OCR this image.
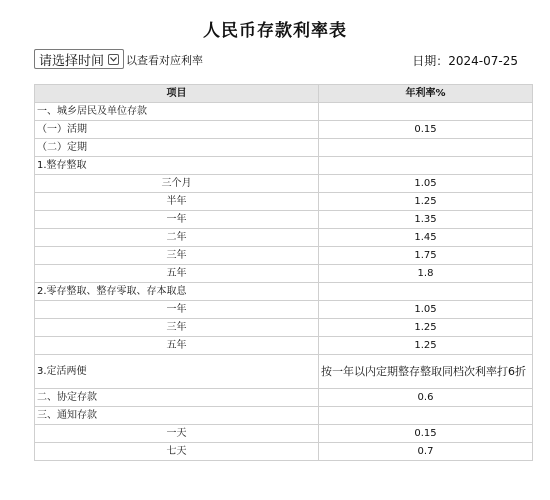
人民币存款利率表
请选择时间 以查看对应利率	日期：2024-07-25
项目	年利率%
一、城乡居民及单位存款	
（一）活期	0.15
（二）定期	
1.整存整取	
三个月	1.05
半年	1.25
一年	1.35
二年	1.45
三年	1.75
五年	1.8
2.零存整取、整存零取、存本取息	
一年	1.05
三年	1.25
五年	1.25
3.定活两便	按一年以内定期整存整取同档次利率打6折
二、协定存款	0.6
三、通知存款	
一天	0.15
七天	0.7
